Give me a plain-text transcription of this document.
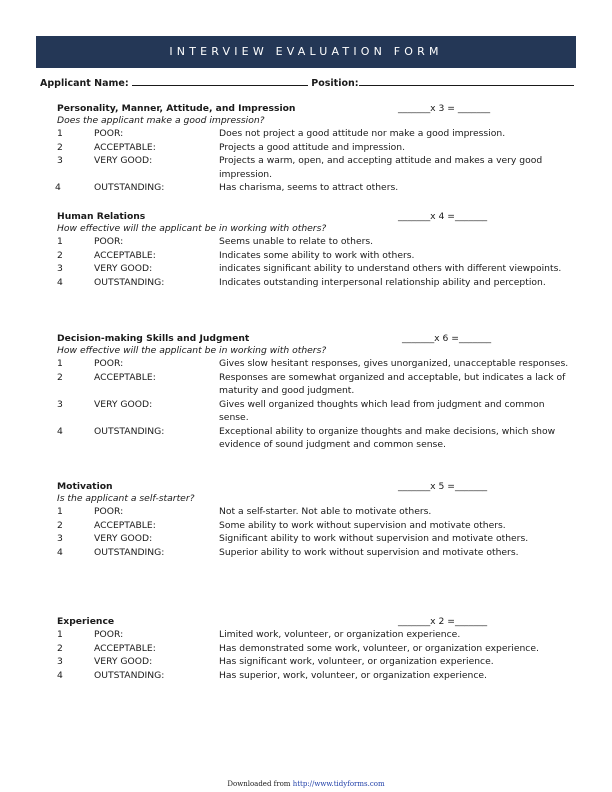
INTERVIEW EVALUATION FORM
Applicant Name:	Position:
Personality, Manner, Attitude, and Impression	_______x 3 = _______
Does the applicant make a good impression?
1	POOR:	Does not project a good attitude nor make a good impression.
2	ACCEPTABLE:	Projects a good attitude and impression.
3	VERY GOOD:	Projects a warm, open, and accepting attitude and makes a very good impression.
4	OUTSTANDING:	Has charisma, seems to attract others.
Human Relations	_______x 4 =_______
How effective will the applicant be in working with others?
1	POOR:	Seems unable to relate to others.
2	ACCEPTABLE:	Indicates some ability to work with others.
3	VERY GOOD:	indicates significant ability to understand others with different viewpoints.
4	OUTSTANDING:	Indicates outstanding interpersonal relationship ability and perception.
Decision-making Skills and Judgment	_______x 6 =_______
How effective will the applicant be in working with others?
1	POOR:	Gives slow hesitant responses, gives unorganized, unacceptable responses.
2	ACCEPTABLE:	Responses are somewhat organized and acceptable, but indicates a lack of maturity and good judgment.
3	VERY GOOD:	Gives well organized thoughts which lead from judgment and common sense.
4	OUTSTANDING:	Exceptional ability to organize thoughts and make decisions, which show evidence of sound judgment and common sense.
Motivation	_______x 5 =_______
Is the applicant a self-starter?
1	POOR:	Not a self-starter. Not able to motivate others.
2	ACCEPTABLE:	Some ability to work without supervision and motivate others.
3	VERY GOOD:	Significant ability to work without supervision and motivate others.
4	OUTSTANDING:	Superior ability to work without supervision and motivate others.
Experience	_______x 2 =_______
1	POOR:	Limited work, volunteer, or organization experience.
2	ACCEPTABLE:	Has demonstrated some work, volunteer, or organization experience.
3	VERY GOOD:	Has significant work, volunteer, or organization experience.
4	OUTSTANDING:	Has superior, work, volunteer, or organization experience.
Downloaded from http://www.tidyforms.com
